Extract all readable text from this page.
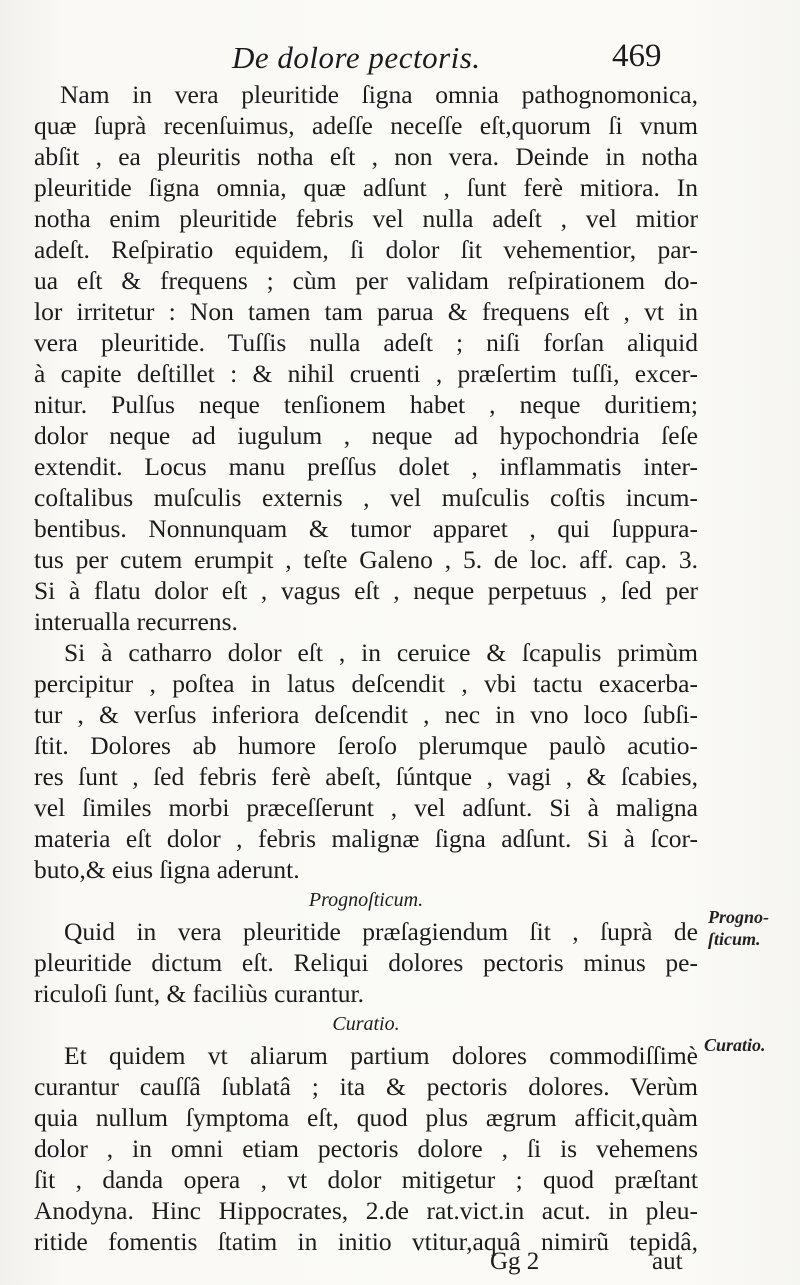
De dolore pectoris.	469
Nam in vera pleuritide ſigna omnia pathognomonica,
quæ ſuprà recenſuimus, adeſſe neceſſe eſt,quorum ſi vnum
abſit , ea pleuritis notha eſt , non vera. Deinde in notha
pleuritide ſigna omnia, quæ adſunt , ſunt ferè mitiora. In
notha enim pleuritide febris vel nulla adeſt , vel mitior
adeſt. Reſpiratio equidem, ſi dolor ſit vehementior, par-
ua eſt & frequens ; cùm per validam reſpirationem do-
lor irritetur : Non tamen tam parua & frequens eſt , vt in
vera pleuritide. Tuſſis nulla adeſt ; niſi forſan aliquid
à capite deſtillet : & nihil cruenti , præſertim tuſſi, excer-
nitur. Pulſus neque tenſionem habet , neque duritiem;
dolor neque ad iugulum , neque ad hypochondria ſeſe
extendit. Locus manu preſſus dolet , inflammatis inter-
coſtalibus muſculis externis , vel muſculis coſtis incum-
bentibus. Nonnunquam & tumor apparet , qui ſuppura-
tus per cutem erumpit , teſte Galeno , 5. de loc. aff. cap. 3.
Si à flatu dolor eſt , vagus eſt , neque perpetuus , ſed per
interualla recurrens.
Si à catharro dolor eſt , in ceruice & ſcapulis primùm
percipitur , poſtea in latus deſcendit , vbi tactu exacerba-
tur , & verſus inferiora deſcendit , nec in vno loco ſubſi-
ſtit. Dolores ab humore ſeroſo plerumque paulò acutio-
res ſunt , ſed febris ferè abeſt, ſúntque , vagi , & ſcabies,
vel ſimiles morbi præceſſerunt , vel adſunt. Si à maligna
materia eſt dolor , febris malignæ ſigna adſunt. Si à ſcor-
buto,& eius ſigna aderunt.
Prognoſticum.
Quid in vera pleuritide præſagiendum ſit , ſuprà de
pleuritide dictum eſt. Reliqui dolores pectoris minus pe-
riculoſi ſunt, & faciliùs curantur.
Curatio.
Et quidem vt aliarum partium dolores commodiſſimè
curantur cauſſâ ſublatâ ; ita & pectoris dolores. Verùm
quia nullum ſymptoma eſt, quod plus ægrum afficit,quàm
dolor , in omni etiam pectoris dolore , ſi is vehemens
ſit , danda opera , vt dolor mitigetur ; quod præſtant
Anodyna. Hinc Hippocrates, 2.de rat.vict.in acut. in pleu-
ritide fomentis ſtatim in initio vtitur,aquâ nimirũ tepidâ,
Progno- ſticum.
Curatio.
Gg 2	aut
